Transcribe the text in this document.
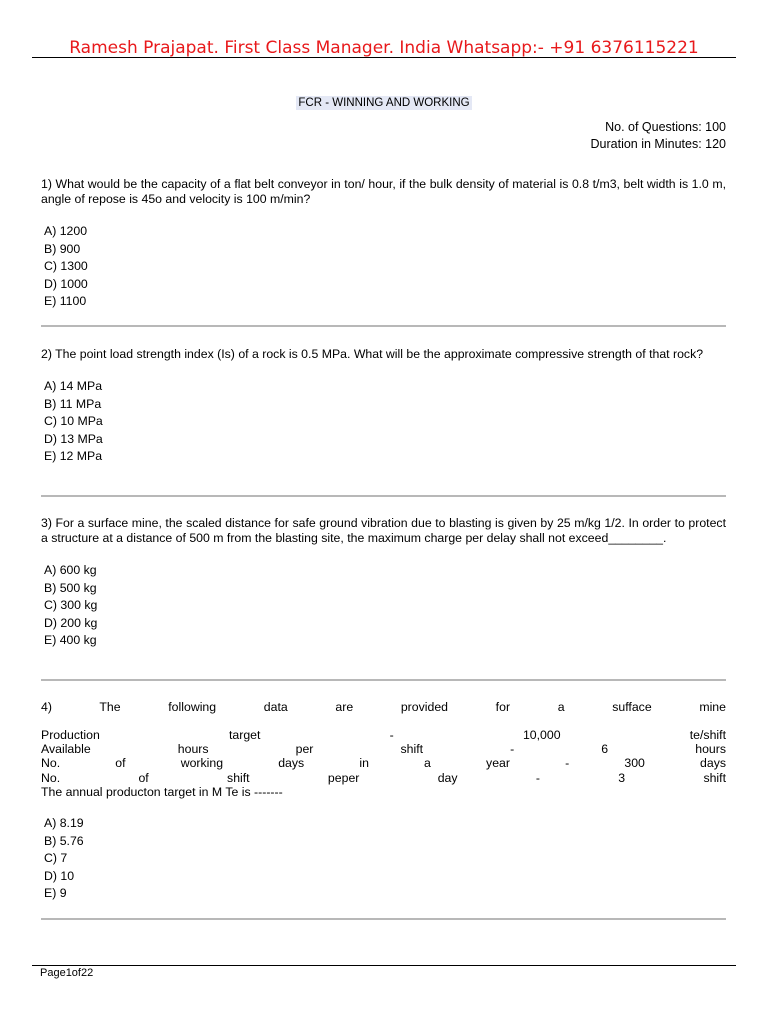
Ramesh Prajapat. First Class Manager. India Whatsapp:- +91 6376115221
FCR - WINNING AND WORKING
No. of Questions: 100
Duration in Minutes: 120

1) What would be the capacity of a flat belt conveyor in ton/ hour, if the bulk density of material is 0.8 t/m3, belt width is 1.0 m, angle of repose is 45o and velocity is 100 m/min?

A) 1200
B) 900
C) 1300
D) 1000
E) 1100

2) The point load strength index (Is) of a rock is 0.5 MPa. What will be the approximate compressive strength of that rock?

A) 14 MPa
B) 11 MPa
C) 10 MPa
D) 13 MPa
E) 12 MPa

3) For a surface mine, the scaled distance for safe ground vibration due to blasting is given by 25 m/kg 1/2. In order to protect a structure at a distance of 500 m from the blasting site, the maximum charge per delay shall not exceed________.

A) 600 kg
B) 500 kg
C) 300 kg
D) 200 kg
E) 400 kg

4) The following data are provided for a suffacе mine

Production target - 10,000 te/shift

Available hours per shift - 6 hours

No. of working days in a year - 300 days

No. of shift peper day - 3 shift

The annual producton target in M Te is -------

A) 8.19
B) 5.76
C) 7
D) 10
E) 9
Page1of22
